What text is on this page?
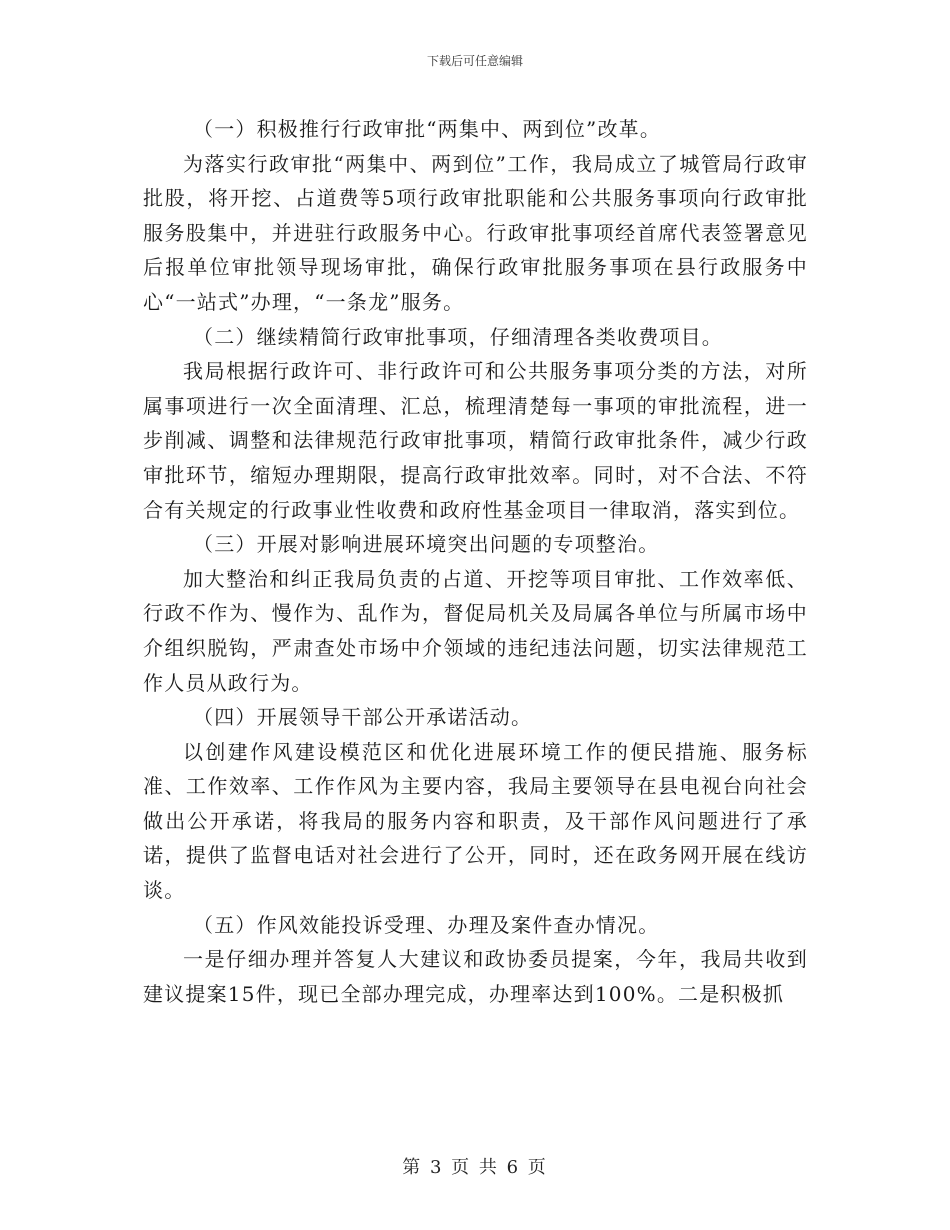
下载后可任意编辑

（一）积极推行行政审批“两集中、两到位”改革。

为落实行政审批“两集中、两到位”工作，我局成立了城管局行政审批股，将开挖、占道费等5项行政审批职能和公共服务事项向行政审批服务股集中，并进驻行政服务中心。行政审批事项经首席代表签署意见后报单位审批领导现场审批，确保行政审批服务事项在县行政服务中心“一站式”办理，“一条龙”服务。

（二）继续精简行政审批事项，仔细清理各类收费项目。

我局根据行政许可、非行政许可和公共服务事项分类的方法，对所属事项进行一次全面清理、汇总，梳理清楚每一事项的审批流程，进一步削减、调整和法律规范行政审批事项，精简行政审批条件，减少行政审批环节，缩短办理期限，提高行政审批效率。同时，对不合法、不符合有关规定的行政事业性收费和政府性基金项目一律取消，落实到位。

（三）开展对影响进展环境突出问题的专项整治。

加大整治和纠正我局负责的占道、开挖等项目审批、工作效率低、行政不作为、慢作为、乱作为，督促局机关及局属各单位与所属市场中介组织脱钩，严肃查处市场中介领域的违纪违法问题，切实法律规范工作人员从政行为。

（四）开展领导干部公开承诺活动。

以创建作风建设模范区和优化进展环境工作的便民措施、服务标准、工作效率、工作作风为主要内容，我局主要领导在县电视台向社会做出公开承诺，将我局的服务内容和职责，及干部作风问题进行了承诺，提供了监督电话对社会进行了公开，同时，还在政务网开展在线访谈。

（五）作风效能投诉受理、办理及案件查办情况。

一是仔细办理并答复人大建议和政协委员提案，今年，我局共收到建议提案15件，现已全部办理完成，办理率达到100%。二是积极抓

第 3 页 共 6 页
